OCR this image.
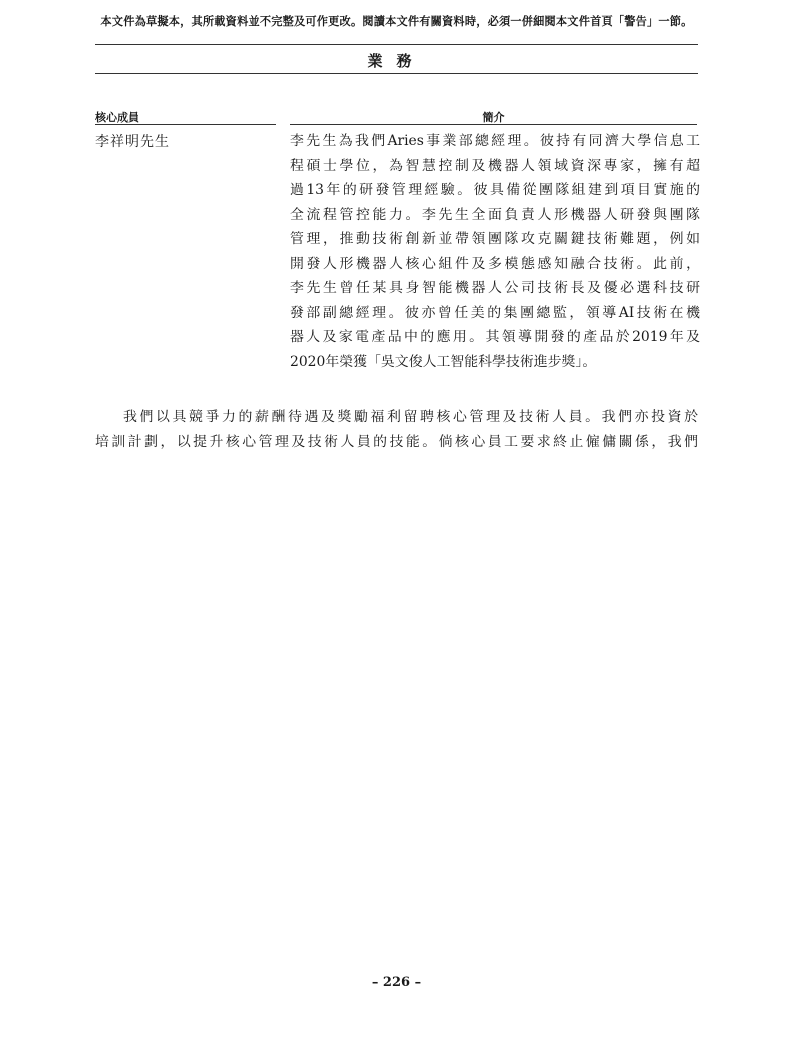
本文件為草擬本，其所載資料並不完整及可作更改。閱讀本文件有關資料時，必須一併細閱本文件首頁「警告」一節。
業務
核心成員	簡介
李祥明先生	李先生為我們Aries事業部總經理。彼持有同濟大學信息工
程碩士學位，為智慧控制及機器人領域資深專家，擁有超
過13年的研發管理經驗。彼具備從團隊組建到項目實施的
全流程管控能力。李先生全面負責人形機器人研發與團隊
管理，推動技術創新並帶領團隊攻克關鍵技術難題，例如
開發人形機器人核心組件及多模態感知融合技術。此前，
李先生曾任某具身智能機器人公司技術長及優必選科技研
發部副總經理。彼亦曾任美的集團總監，領導AI技術在機
器人及家電產品中的應用。其領導開發的產品於2019年及
2020年榮獲「吳文俊人工智能科學技術進步獎」。
我們以具競爭力的薪酬待遇及獎勵福利留聘核心管理及技術人員。我們亦投資於
培訓計劃，以提升核心管理及技術人員的技能。倘核心員工要求終止僱傭關係，我們
– 226 –
